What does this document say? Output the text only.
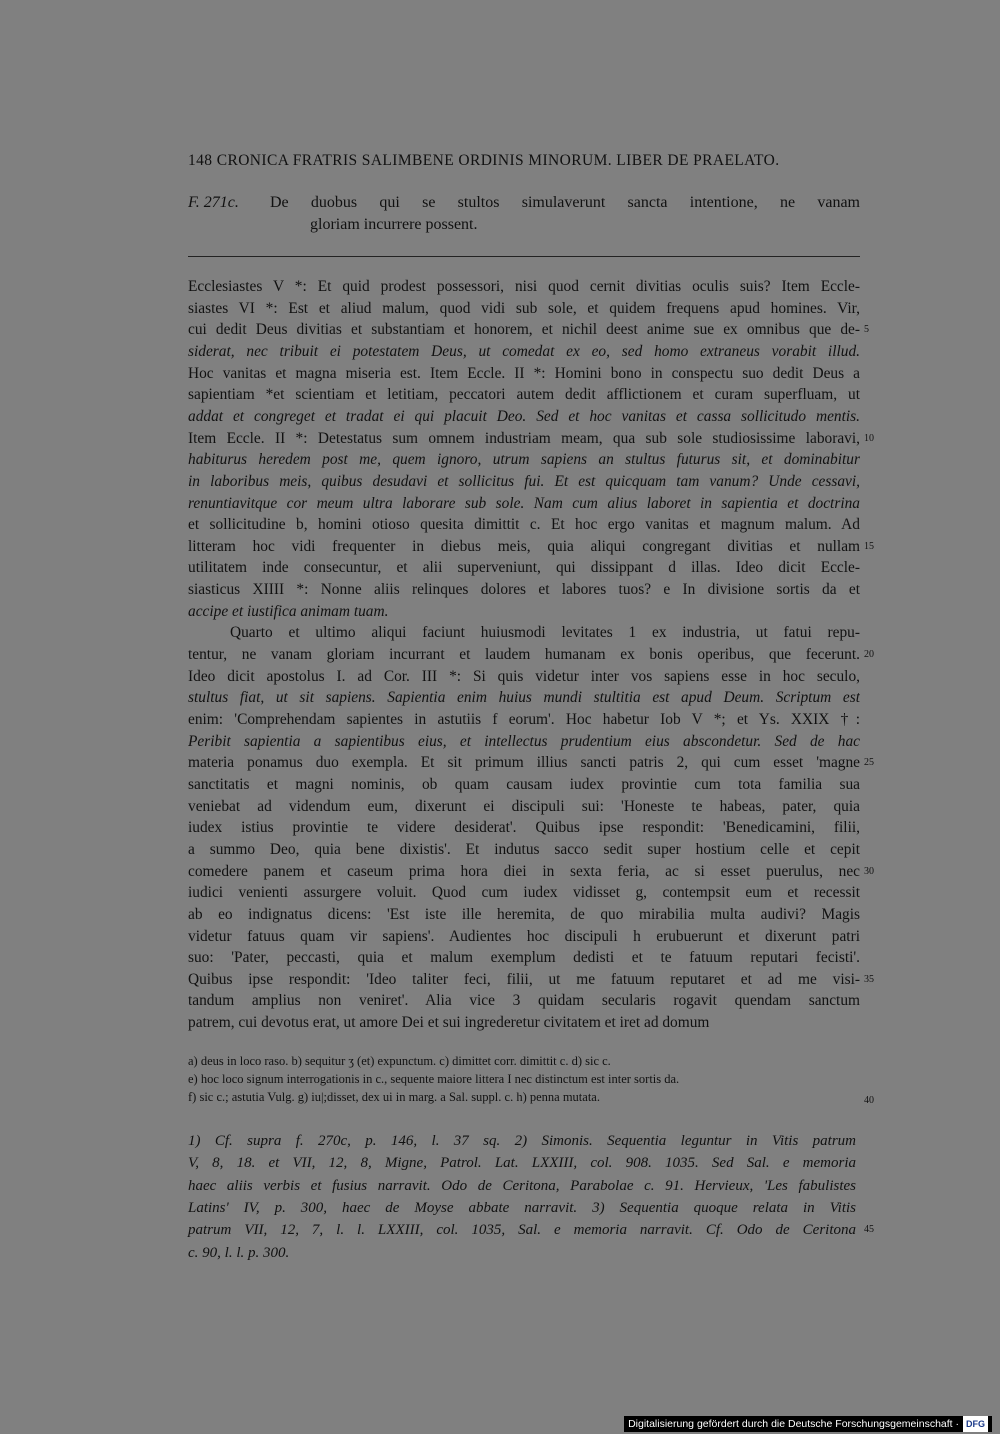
148 CRONICA FRATRIS SALIMBENE ORDINIS MINORUM. LIBER DE PRAELATO.
F. 271c. De duobus qui se stultos simulaverunt sancta intentione, ne vanam
gloriam incurrere possent.
Ecclesiastes V *: Et quid prodest possessori, nisi quod cernit divitias oculis suis? Item Eccle-
siastes VI *: Est et aliud malum, quod vidi sub sole, et quidem frequens apud homines. Vir,
cui dedit Deus divitias et substantiam et honorem, et nichil deest anime sue ex omnibus que de- 5
siderat, nec tribuit ei potestatem Deus, ut comedat ex eo, sed homo extraneus vorabit illud.
Hoc vanitas et magna miseria est. Item Eccle. II *: Homini bono in conspectu suo dedit Deus a
sapientiam *et scientiam et letitiam, peccatori autem dedit afflictionem et curam superfluam, ut
addat et congreget et tradat ei qui placuit Deo. Sed et hoc vanitas et cassa sollicitudo mentis.
Item Eccle. II *: Detestatus sum omnem industriam meam, qua sub sole studiosissime laboravi, 10
habiturus heredem post me, quem ignoro, utrum sapiens an stultus futurus sit, et dominabitur
in laboribus meis, quibus desudavi et sollicitus fui. Et est quicquam tam vanum? Unde cessavi,
renuntiavitque cor meum ultra laborare sub sole. Nam cum alius laboret in sapientia et doctrina
et sollicitudine b, homini otioso quesita dimittit c. Et hoc ergo vanitas et magnum malum. Ad
litteram hoc vidi frequenter in diebus meis, quia aliqui congregant divitias et nullam 15
utilitatem inde consecuntur, et alii superveniunt, qui dissippant d illas. Ideo dicit Eccle-
siasticus XIIII *: Nonne aliis relinques dolores et labores tuos? e In divisione sortis da et
accipe et iustifica animam tuam.
Quarto et ultimo aliqui faciunt huiusmodi levitates 1 ex industria, ut fatui repu-
tentur, ne vanam gloriam incurrant et laudem humanam ex bonis operibus, que fecerunt. 20
Ideo dicit apostolus I. ad Cor. III *: Si quis videtur inter vos sapiens esse in hoc seculo,
stultus fiat, ut sit sapiens. Sapientia enim huius mundi stultitia est apud Deum. Scriptum est
enim: 'Comprehendam sapientes in astutiis f eorum'. Hoc habetur Iob V *; et Ys. XXIX †:
Peribit sapientia a sapientibus eius, et intellectus prudentium eius abscondetur. Sed de hac
materia ponamus duo exempla. Et sit primum illius sancti patris 2, qui cum esset 'magne 25
sanctitatis et magni nominis, ob quam causam iudex provintie cum tota familia sua
veniebat ad videndum eum, dixerunt ei discipuli sui: 'Honeste te habeas, pater, quia
iudex istius provintie te videre desiderat'. Quibus ipse respondit: 'Benedicamini, filii,
a summo Deo, quia bene dixistis'. Et indutus sacco sedit super hostium celle et cepit
comedere panem et caseum prima hora diei in sexta feria, ac si esset puerulus, nec 30
iudici venienti assurgere voluit. Quod cum iudex vidisset g, contempsit eum et recessit
ab eo indignatus dicens: 'Est iste ille heremita, de quo mirabilia multa audivi? Magis
videtur fatuus quam vir sapiens'. Audientes hoc discipuli h erubuerunt et dixerunt patri
suo: 'Pater, peccasti, quia et malum exemplum dedisti et te fatuum reputari fecisti'.
Quibus ipse respondit: 'Ideo taliter feci, filii, ut me fatuum reputaret et ad me visi- 35
tandum amplius non veniret'. Alia vice 3 quidam secularis rogavit quendam sanctum
patrem, cui devotus erat, ut amore Dei et sui ingrederetur civitatem et iret ad domum
a) deus in loco raso. b) sequitur ʒ (et) expunctum. c) dimittet corr. dimittit c. d) sic c.
e) hoc loco signum interrogationis in c., sequente maiore littera I nec distinctum est inter sortis da.
f) sic c.; astutia Vulg. g) iu|;disset, dex ui in marg. a Sal. suppl. c. h) penna mutata.	40
1) Cf. supra f. 270c, p. 146, l. 37 sq. 2) Simonis. Sequentia leguntur in Vitis patrum
V, 8, 18. et VII, 12, 8, Migne, Patrol. Lat. LXXIII, col. 908. 1035. Sed Sal. e memoria
haec aliis verbis et fusius narravit. Odo de Ceritona, Parabolae c. 91. Hervieux, 'Les fabulistes
Latins' IV, p. 300, haec de Moyse abbate narravit. 3) Sequentia quoque relata in Vitis
patrum VII, 12, 7, l. l. LXXIII, col. 1035, Sal. e memoria narravit. Cf. Odo de Ceritona
c. 90, l. l. p. 300.
45
Digitalisierung gefördert durch die Deutsche Forschungsgemeinschaft · DFG
